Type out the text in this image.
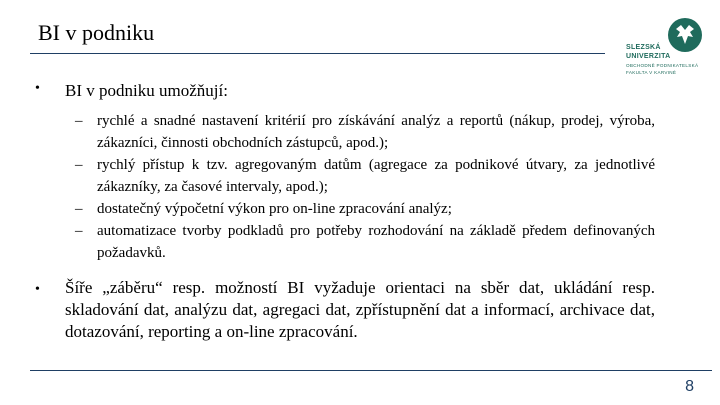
BI v podniku
SLEZSKÁ
UNIVERZITA
OBCHODNĚ PODNIKATELSKÁ
FAKULTA V KARVINÉ
• BI v podniku umožňují:

– rychlé a snadné nastavení kritérií pro získávání analýz a reportů (nákup, prodej, výroba, zákazníci, činnosti obchodních zástupců, apod.);

– rychlý přístup k tzv. agregovaným datům (agregace za podnikové útvary, za jednotlivé zákazníky, za časové intervaly, apod.);

– dostatečný výpočetní výkon pro on-line zpracování analýz;

– automatizace tvorby podkladů pro potřeby rozhodování na základě předem definovaných požadavků.

• Šíře „záběru“ resp. možností BI vyžaduje orientaci na sběr dat, ukládání resp. skladování dat, analýzu dat, agregaci dat, zpřístupnění dat a informací, archivace dat, dotazování, reporting a on-line zpracování.
8
